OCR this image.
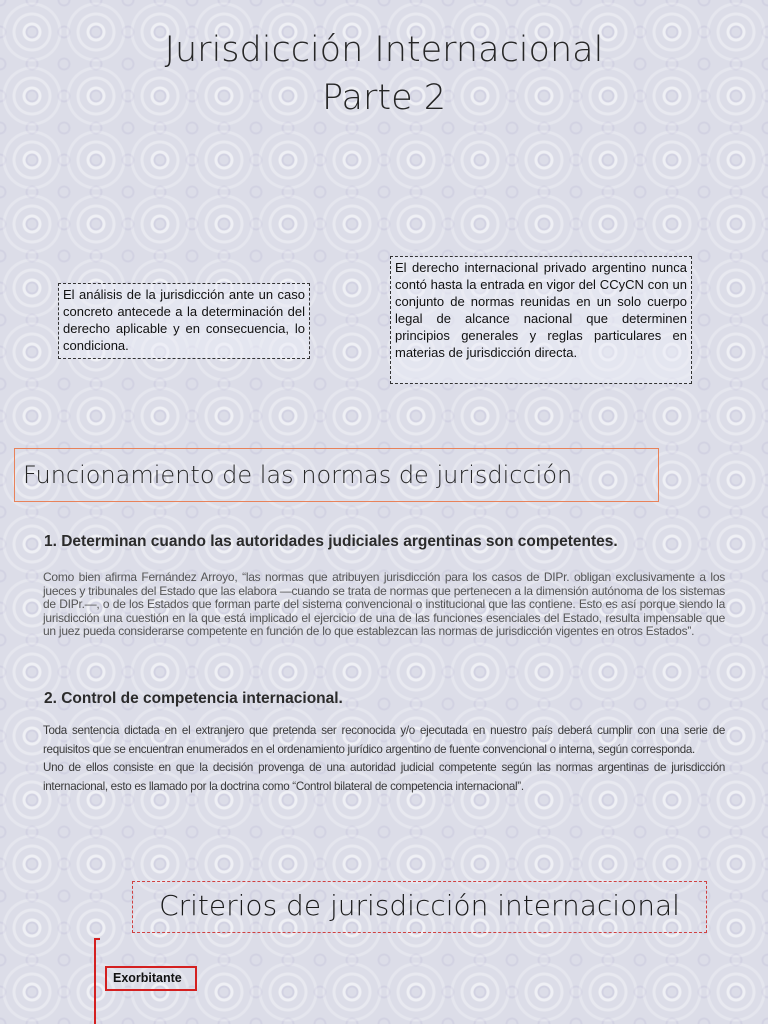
Jurisdicción Internacional
Parte 2
El análisis de la jurisdicción ante un caso concreto antecede a la determinación del derecho aplicable y en consecuencia, lo condiciona.
El derecho internacional privado argentino nunca contó hasta la entrada en vigor del CCyCN con un conjunto de normas reunidas en un solo cuerpo legal de alcance nacional que determinen principios generales y reglas particulares en materias de jurisdicción directa.
Funcionamiento de las normas de jurisdicción
1. Determinan cuando las autoridades judiciales argentinas son competentes.
Como bien afirma Fernández Arroyo, “las normas que atribuyen jurisdicción para los casos de DIPr. obligan exclusivamente a los jueces y tribunales del Estado que las elabora —cuando se trata de normas que pertenecen a la dimensión autónoma de los sistemas de DIPr.—, o de los Estados que forman parte del sistema convencional o institucional que las contiene. Esto es así porque siendo la jurisdicción una cuestión en la que está implicado el ejercicio de una de las funciones esenciales del Estado, resulta impensable que un juez pueda considerarse competente en función de lo que establezcan las normas de jurisdicción vigentes en otros Estados”.
2. Control de competencia internacional.

Toda sentencia dictada en el extranjero que pretenda ser reconocida y/o ejecutada en nuestro país deberá cumplir con una serie de requisitos que se encuentran enumerados en el ordenamiento jurídico argentino de fuente convencional o interna, según corresponda.

Uno de ellos consiste en que la decisión provenga de una autoridad judicial competente según las normas argentinas de jurisdicción internacional, esto es llamado por la doctrina como “Control bilateral de competencia internacional”.

Criterios de jurisdicción internacional
Exorbitante
